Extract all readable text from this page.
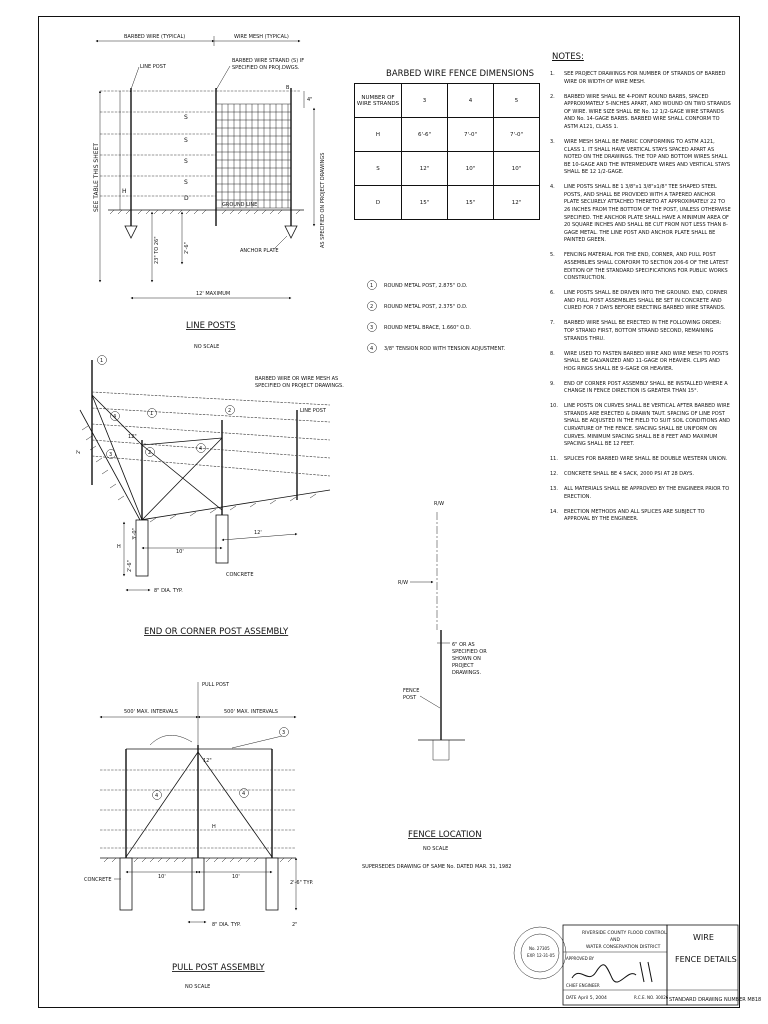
BARBED WIRE (TYPICAL)	WIRE MESH (TYPICAL)
LINE POST
BARBED WIRE STRAND (S) IF SPECIFIED ON PROJ.DWGS.
GROUND LINE
ANCHOR PLATE
SEE TABLE THIS SHEET	H
D
S
S
S
S
23" TO 26"	2'-6"
B
4"
AS SPECIFIED ON PROJECT DRAWINGS
12' MAXIMUM
LINE POSTS
NO SCALE
BARBED WIRE FENCE DIMENSIONS
1 ROUND METAL POST, 2.875" O.D.
2 ROUND METAL POST, 2.375" O.D.
3 ROUND METAL BRACE, 1.660" O.D.
4 3/8" TENSION ROD WITH TENSION ADJUSTMENT.
1
4
3
1
4
2
2
BARBED WIRE OR WIRE MESH AS SPECIFIED ON PROJECT DRAWINGS.
LINE POST
12"
2'
10'
12'
CONCRETE
H
2'-6"
3'-0"
8" DIA. TYP.
END OR CORNER POST ASSEMBLY
R/W
R/W
6" OR AS SPECIFIED OR SHOWN ON PROJECT DRAWINGS.
FENCE POST
FENCE LOCATION
NO SCALE
SUPERSEDES DRAWING OF SAME No. DATED MAR. 31, 1982
PULL POST
500' MAX. INTERVALS	500' MAX. INTERVALS
3
4	4
12"
H
10'	10'
CONCRETE
8" DIA. TYP.
2'-6" TYP.
2"
PULL POST ASSEMBLY
NO SCALE
No. 27305
EXP. 12-31-05
RIVERSIDE COUNTY FLOOD CONTROL
AND
WATER CONSERVATION DISTRICT
APPROVED BY
CHIEF ENGINEER
DATE April 5, 2004	R.C.E. NO. 30026
WIRE
FENCE DETAILS
STANDARD DRAWING NUMBER M818
NUMBER OF WIRE STRANDS	3	4	5
H	6'-6"	7'-0"	7'-0"
S	12"	10"	10"
D	15"	15"	12"
NOTES:
1.	SEE PROJECT DRAWINGS FOR NUMBER OF STRANDS OF BARBED WIRE OR WIDTH OF WIRE MESH.
2.	BARBED WIRE SHALL BE 4-POINT ROUND BARBS, SPACED APPROXIMATELY 5-INCHES APART, AND WOUND ON TWO STRANDS OF WIRE. WIRE SIZE SHALL BE No. 12 1/2-GAGE WIRE STRANDS AND No. 14-GAGE BARBS. BARBED WIRE SHALL CONFORM TO ASTM A121, CLASS 1.
3.	WIRE MESH SHALL BE FABRIC CONFORMING TO ASTM A121, CLASS 1. IT SHALL HAVE VERTICAL STAYS SPACED APART AS NOTED ON THE DRAWINGS. THE TOP AND BOTTOM WIRES SHALL BE 10-GAGE AND THE INTERMEDIATE WIRES AND VERTICAL STAYS SHALL BE 12 1/2-GAGE.
4.	LINE POSTS SHALL BE 1 3/8"x1 3/8"x1/8" TEE SHAPED STEEL POSTS, AND SHALL BE PROVIDED WITH A TAPERED ANCHOR PLATE SECURELY ATTACHED THERETO AT APPROXIMATELY 22 TO 26 INCHES FROM THE BOTTOM OF THE POST, UNLESS OTHERWISE SPECIFIED. THE ANCHOR PLATE SHALL HAVE A MINIMUM AREA OF 20 SQUARE INCHES AND SHALL BE CUT FROM NOT LESS THAN 8-GAGE METAL. THE LINE POST AND ANCHOR PLATE SHALL BE PAINTED GREEN.
5.	FENCING MATERIAL FOR THE END, CORNER, AND PULL POST ASSEMBLIES SHALL CONFORM TO SECTION 206-6 OF THE LATEST EDITION OF THE STANDARD SPECIFICATIONS FOR PUBLIC WORKS CONSTRUCTION.
6.	LINE POSTS SHALL BE DRIVEN INTO THE GROUND. END, CORNER AND PULL POST ASSEMBLIES SHALL BE SET IN CONCRETE AND CURED FOR 7 DAYS BEFORE ERECTING BARBED WIRE STRANDS.
7.	BARBED WIRE SHALL BE ERECTED IN THE FOLLOWING ORDER: TOP STRAND FIRST, BOTTOM STRAND SECOND, REMAINING STRANDS THRU.
8.	WIRE USED TO FASTEN BARBED WIRE AND WIRE MESH TO POSTS SHALL BE GALVANIZED AND 11-GAGE OR HEAVIER. CLIPS AND HOG RINGS SHALL BE 9-GAGE OR HEAVIER.
9.	END OF CORNER POST ASSEMBLY SHALL BE INSTALLED WHERE A CHANGE IN FENCE DIRECTION IS GREATER THAN 15°.
10.	LINE POSTS ON CURVES SHALL BE VERTICAL AFTER BARBED WIRE STRANDS ARE ERECTED & DRAWN TAUT. SPACING OF LINE POST SHALL BE ADJUSTED IN THE FIELD TO SUIT SOIL CONDITIONS AND CURVATURE OF THE FENCE. SPACING SHALL BE UNIFORM ON CURVES. MINIMUM SPACING SHALL BE 8 FEET AND MAXIMUM SPACING SHALL BE 12 FEET.
11.	SPLICES FOR BARBED WIRE SHALL BE DOUBLE WESTERN UNION.
12.	CONCRETE SHALL BE 4 SACK, 2000 PSI AT 28 DAYS.
13.	ALL MATERIALS SHALL BE APPROVED BY THE ENGINEER PRIOR TO ERECTION.
14.	ERECTION METHODS AND ALL SPLICES ARE SUBJECT TO APPROVAL BY THE ENGINEER.
